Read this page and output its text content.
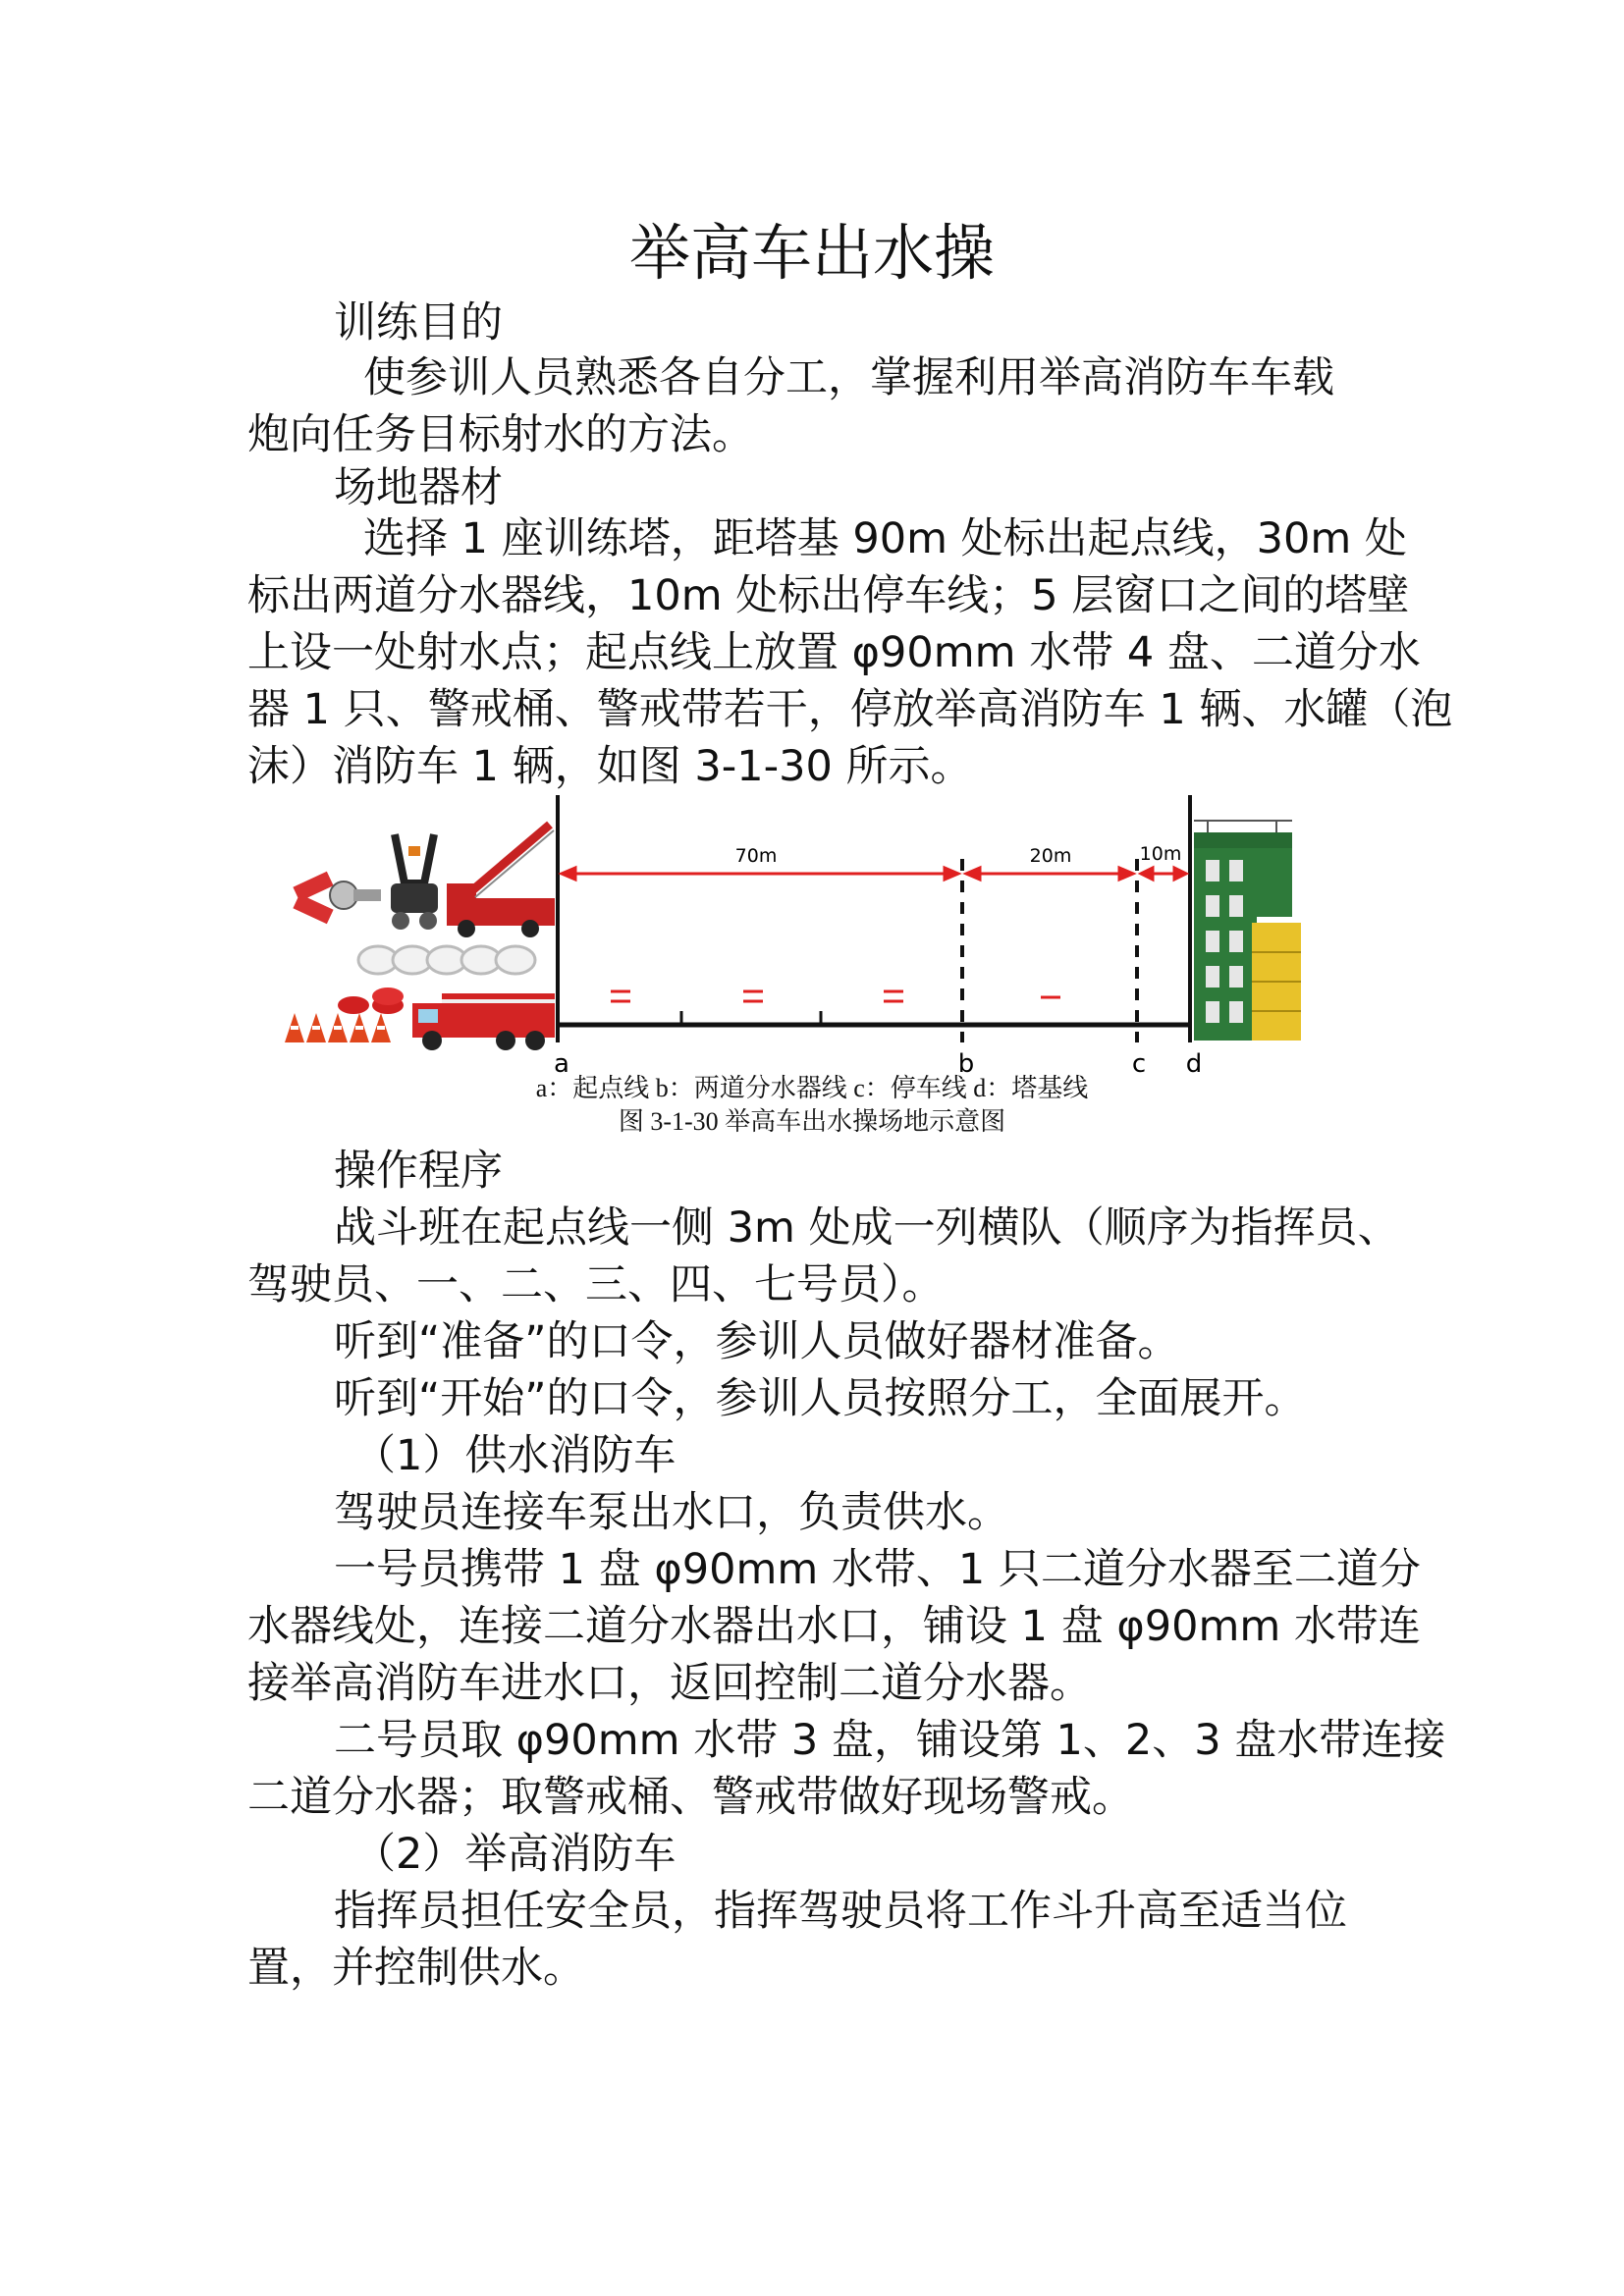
举高车出水操
训练目的
使参训人员熟悉各自分工，掌握利用举高消防车车载
炮向任务目标射水的方法。
场地器材
选择 1 座训练塔，距塔基 90m 处标出起点线，30m 处
标出两道分水器线，10m 处标出停车线；5 层窗口之间的塔壁
上设一处射水点；起点线上放置 φ90mm 水带 4 盘、二道分水
器 1 只、警戒桶、警戒带若干，停放举高消防车 1 辆、水罐（泡
沫）消防车 1 辆，如图 3-1-30 所示。
70m	20m	10m
a	b	c d
a：起点线 b：两道分水器线 c：停车线 d：塔基线
图 3-1-30 举高车出水操场地示意图
操作程序
战斗班在起点线一侧 3m 处成一列横队（顺序为指挥员、
驾驶员、一、二、三、四、七号员）。
听到“准备”的口令，参训人员做好器材准备。
听到“开始”的口令，参训人员按照分工，全面展开。
（1）供水消防车
驾驶员连接车泵出水口，负责供水。
一号员携带 1 盘 φ90mm 水带、1 只二道分水器至二道分
水器线处，连接二道分水器出水口，铺设 1 盘 φ90mm 水带连
接举高消防车进水口，返回控制二道分水器。
二号员取 φ90mm 水带 3 盘，铺设第 1、2、3 盘水带连接
二道分水器；取警戒桶、警戒带做好现场警戒。
（2）举高消防车
指挥员担任安全员，指挥驾驶员将工作斗升高至适当位
置，并控制供水。
